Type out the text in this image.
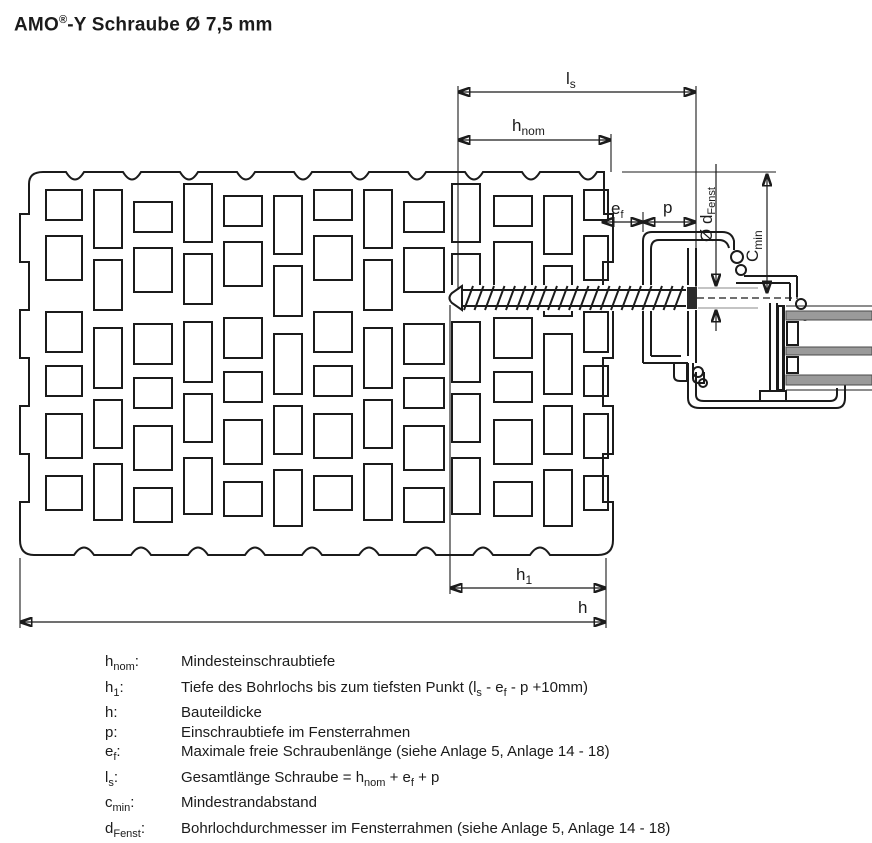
AMO®-Y Schraube Ø 7,5 mm
$l_s$
$h_{nom}$
$e_f$ p
Ø dFenst
$C_{min}$
$h_1$
h
$h_{nom}$:	Mindesteinschraubtiefe
$h_1$:	Tiefe des Bohrlochs bis zum tiefsten Punkt $(l_s - e_f - p +10mm)$
h:	Bauteildicke
p:	Einschraubtiefe im Fensterrahmen
$e_f$:	Maximale freie Schraubenlänge (siehe Anlage 5, Anlage 14 - 18)
$l_s$:	Gesamtlänge Schraube = $h_{nom} + e_f + p$
$c_{min}$:	Mindestrandabstand
$d_{Fenst}$:	Bohrlochdurchmesser im Fensterrahmen (siehe Anlage 5, Anlage 14 - 18)
